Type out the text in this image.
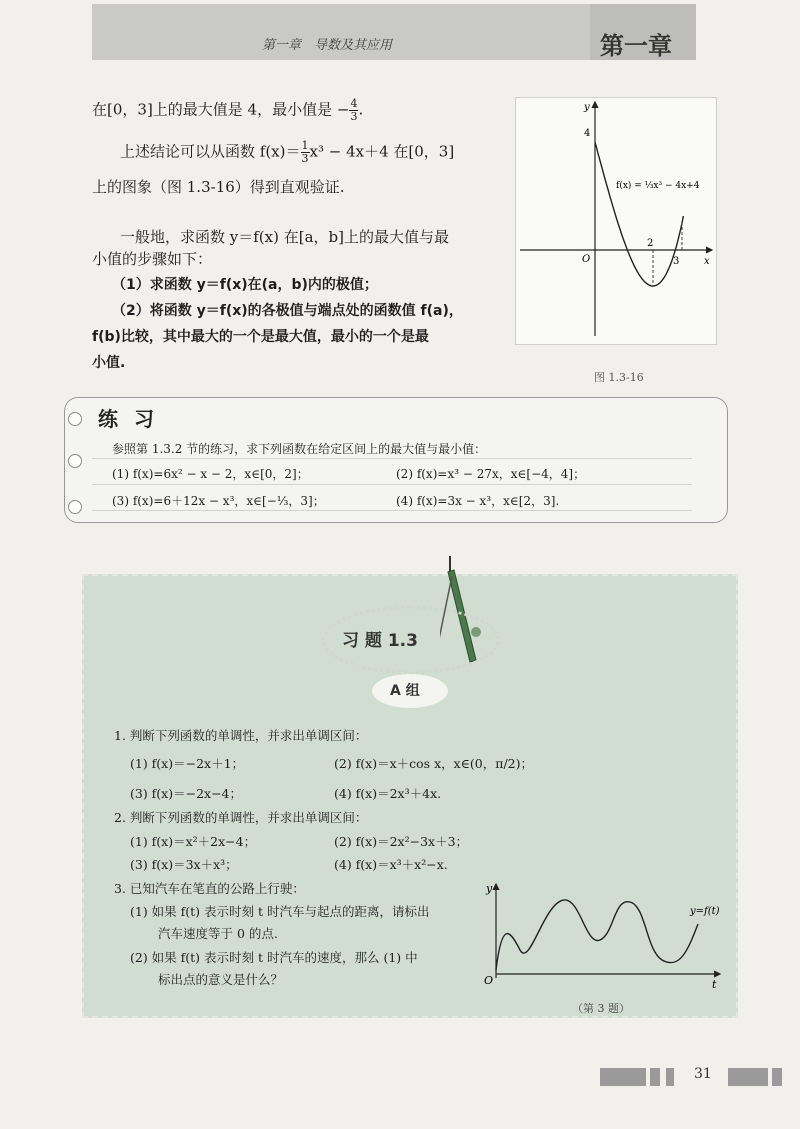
第一章　导数及其应用	第一章
在[0，3]上的最大值是 4，最小值是 − $\frac{4}{3}$ .
上述结论可以从函数 $f(x)= \frac{1}{3} x^3 - 4x+4$ 在[0，3]
上的图象（图 1.3-16）得到直观验证.
一般地，求函数 y＝f(x) 在[a，b]上的最大值与最
小值的步骤如下：
（1）求函数 y＝f(x)在(a，b)内的极值；
（2）将函数 y＝f(x)的各极值与端点处的函数值 f(a)，
f(b)比较，其中最大的一个是最大值，最小的一个是最
小值.
y
x
O
4
2
3
f(x) = ⅓x³ − 4x+4
图 1.3-16
练习
参照第 1.3.2 节的练习，求下列函数在给定区间上的最大值与最小值：
(1) f(x)=6x² − x − 2，x∈[0，2]；	(2) f(x)=x³ − 27x，x∈[−4，4]；
(3) f(x)=6＋12x − x³，x∈[−⅓，3]；	(4) f(x)=3x − x³，x∈[2，3].
习 题 1.3
A 组
1. 判断下列函数的单调性，并求出单调区间：
(1) f(x)＝−2x＋1；	(2) f(x)＝x＋cos x，x∈(0，π/2)；
(3) f(x)＝−2x−4；	(4) f(x)＝2x³＋4x.
2. 判断下列函数的单调性，并求出单调区间：
(1) f(x)＝x²＋2x−4；	(2) f(x)＝2x²−3x＋3；
(3) f(x)＝3x＋x³；	(4) f(x)＝x³＋x²−x.
3. 已知汽车在笔直的公路上行驶：
(1) 如果 f(t) 表示时刻 t 时汽车与起点的距离，请标出
汽车速度等于 0 的点.
(2) 如果 f(t) 表示时刻 t 时汽车的速度，那么 (1) 中
标出点的意义是什么？
y
t
O
y=f(t)
（第 3 题）
31
